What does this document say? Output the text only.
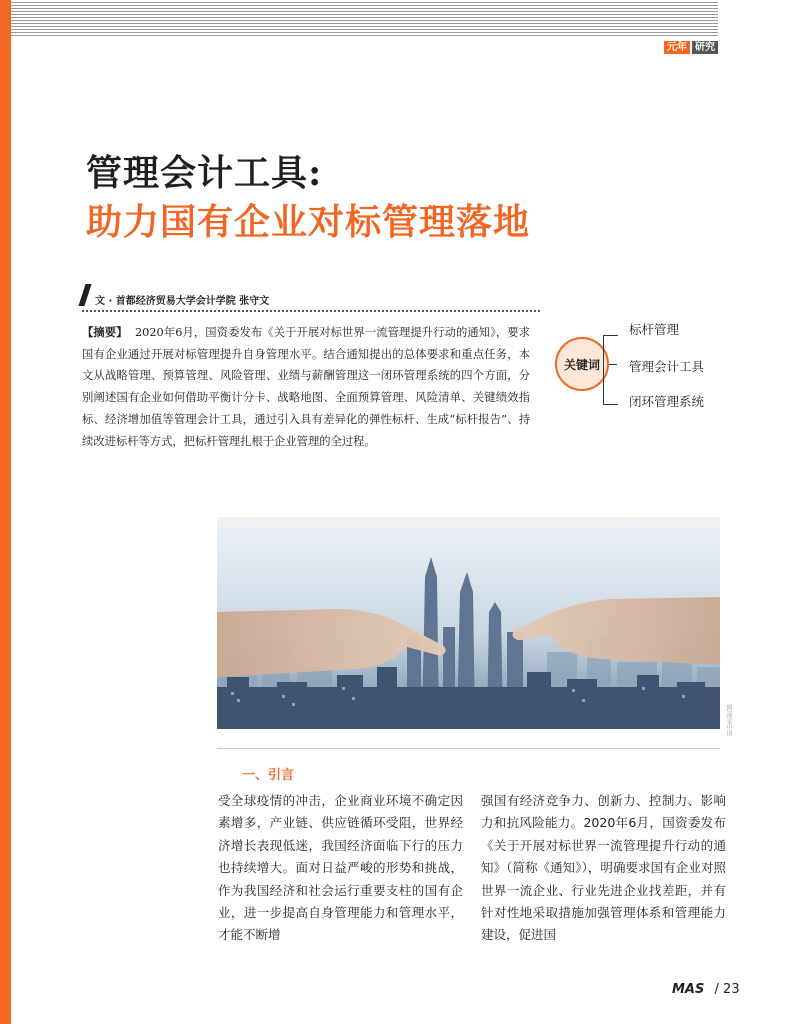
元年 研究
管理会计工具:
助力国有企业对标管理落地
文 · 首都经济贸易大学会计学院 张守文

【摘要】 2020年6月，国资委发布《关于开展对标世界一流管理提升行动的通知》，要求国有企业通过开展对标管理提升自身管理水平。结合通知提出的总体要求和重点任务，本文从战略管理、预算管理、风险管理、业绩与薪酬管理这一闭环管理系统的四个方面，分别阐述国有企业如何借助平衡计分卡、战略地图、全面预算管理、风险清单、关键绩效指标、经济增加值等管理会计工具，通过引入具有差异化的弹性标杆、生成“标杆报告”、持续改进标杆等方式，把标杆管理扎根于企业管理的全过程。

关键词
标杆管理
管理会计工具
闭环管理系统
图/视觉中国
一、引言

受全球疫情的冲击，企业商业环境不确定因素增多，产业链、供应链循环受阻，世界经济增长表现低迷，我国经济面临下行的压力也持续增大。面对日益严峻的形势和挑战，作为我国经济和社会运行重要支柱的国有企业，进一步提高自身管理能力和管理水平，才能不断增

强国有经济竞争力、创新力、控制力、影响力和抗风险能力。2020年6月，国资委发布《关于开展对标世界一流管理提升行动的通知》（简称《通知》），明确要求国有企业对照世界一流企业、行业先进企业找差距，并有针对性地采取措施加强管理体系和管理能力建设，促进国

MAS / 23
